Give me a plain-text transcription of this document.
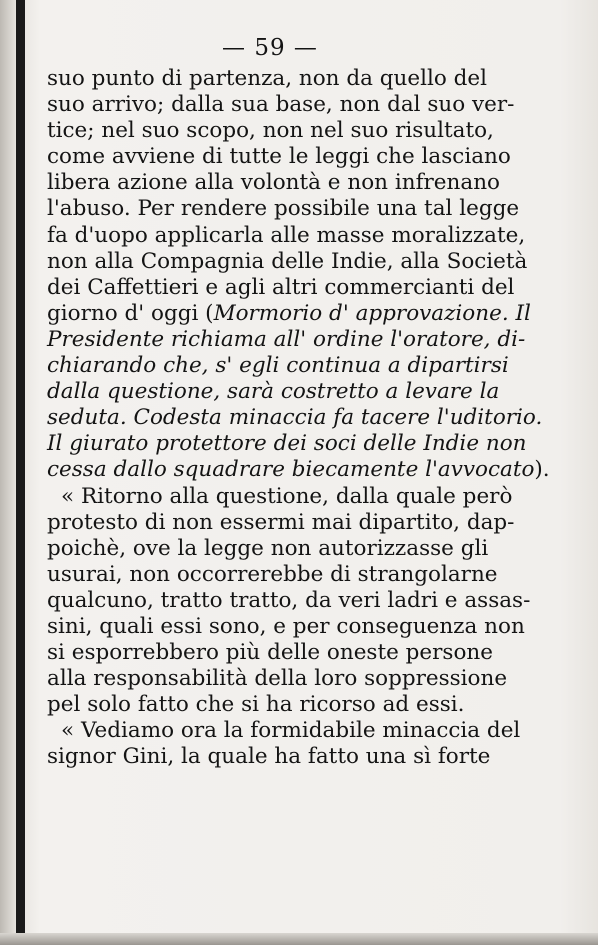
— 59 —
suo punto di partenza, non da quello del
suo arrivo; dalla sua base, non dal suo ver-
tice; nel suo scopo, non nel suo risultato,
come avviene di tutte le leggi che lasciano
libera azione alla volontà e non infrenano
l'abuso. Per rendere possibile una tal legge
fa d'uopo applicarla alle masse moralizzate,
non alla Compagnia delle Indie, alla Società
dei Caffettieri e agli altri commercianti del
giorno d' oggi (Mormorio d' approvazione. Il
Presidente richiama all' ordine l'oratore, di-
chiarando che, s' egli continua a dipartirsi
dalla questione, sarà costretto a levare la
seduta. Codesta minaccia fa tacere l'uditorio.
Il giurato protettore dei soci delle Indie non
cessa dallo squadrare biecamente l'avvocato).
« Ritorno alla questione, dalla quale però
protesto di non essermi mai dipartito, dap-
poichè, ove la legge non autorizzasse gli
usurai, non occorrerebbe di strangolarne
qualcuno, tratto tratto, da veri ladri e assas-
sini, quali essi sono, e per conseguenza non
si esporrebbero più delle oneste persone
alla responsabilità della loro soppressione
pel solo fatto che si ha ricorso ad essi.
« Vediamo ora la formidabile minaccia del
signor Gini, la quale ha fatto una sì forte
